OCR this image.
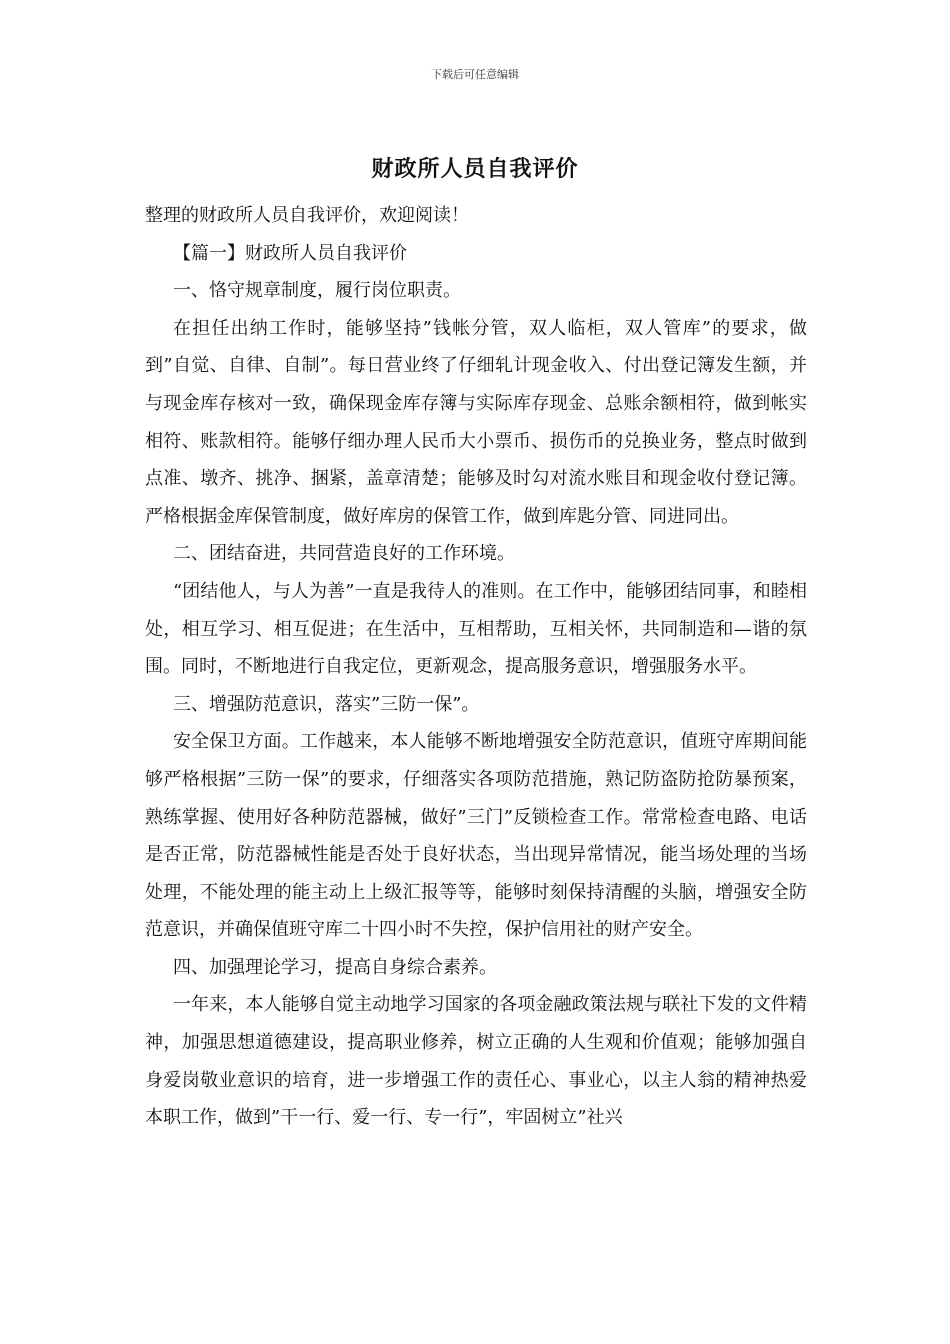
下载后可任意编辑
财政所人员自我评价

整理的财政所人员自我评价，欢迎阅读！

【篇一】财政所人员自我评价

一、恪守规章制度，履行岗位职责。

在担任出纳工作时，能够坚持”钱帐分管，双人临柜，双人管库”的要求，做到”自觉、自律、自制”。每日营业终了仔细轧计现金收入、付出登记簿发生额，并与现金库存核对一致，确保现金库存簿与实际库存现金、总账余额相符，做到帐实相符、账款相符。能够仔细办理人民币大小票币、损伤币的兑换业务，整点时做到点准、墩齐、挑净、捆紧，盖章清楚；能够及时勾对流水账目和现金收付登记簿。严格根据金库保管制度，做好库房的保管工作，做到库匙分管、同进同出。

二、团结奋进，共同营造良好的工作环境。

“团结他人，与人为善”一直是我待人的准则。在工作中，能够团结同事，和睦相处，相互学习、相互促进；在生活中，互相帮助，互相关怀，共同制造和—谐的氛围。同时，不断地进行自我定位，更新观念，提高服务意识，增强服务水平。

三、增强防范意识，落实”三防一保”。

安全保卫方面。工作越来，本人能够不断地增强安全防范意识，值班守库期间能够严格根据”三防一保”的要求，仔细落实各项防范措施，熟记防盗防抢防暴预案，熟练掌握、使用好各种防范器械，做好”三门”反锁检查工作。常常检查电路、电话是否正常，防范器械性能是否处于良好状态，当出现异常情况，能当场处理的当场处理，不能处理的能主动上上级汇报等等，能够时刻保持清醒的头脑，增强安全防范意识，并确保值班守库二十四小时不失控，保护信用社的财产安全。

四、加强理论学习，提高自身综合素养。

一年来，本人能够自觉主动地学习国家的各项金融政策法规与联社下发的文件精神，加强思想道德建设，提高职业修养，树立正确的人生观和价值观；能够加强自身爱岗敬业意识的培育，进一步增强工作的责任心、事业心，以主人翁的精神热爱本职工作，做到”干一行、爱一行、专一行”，牢固树立”社兴
